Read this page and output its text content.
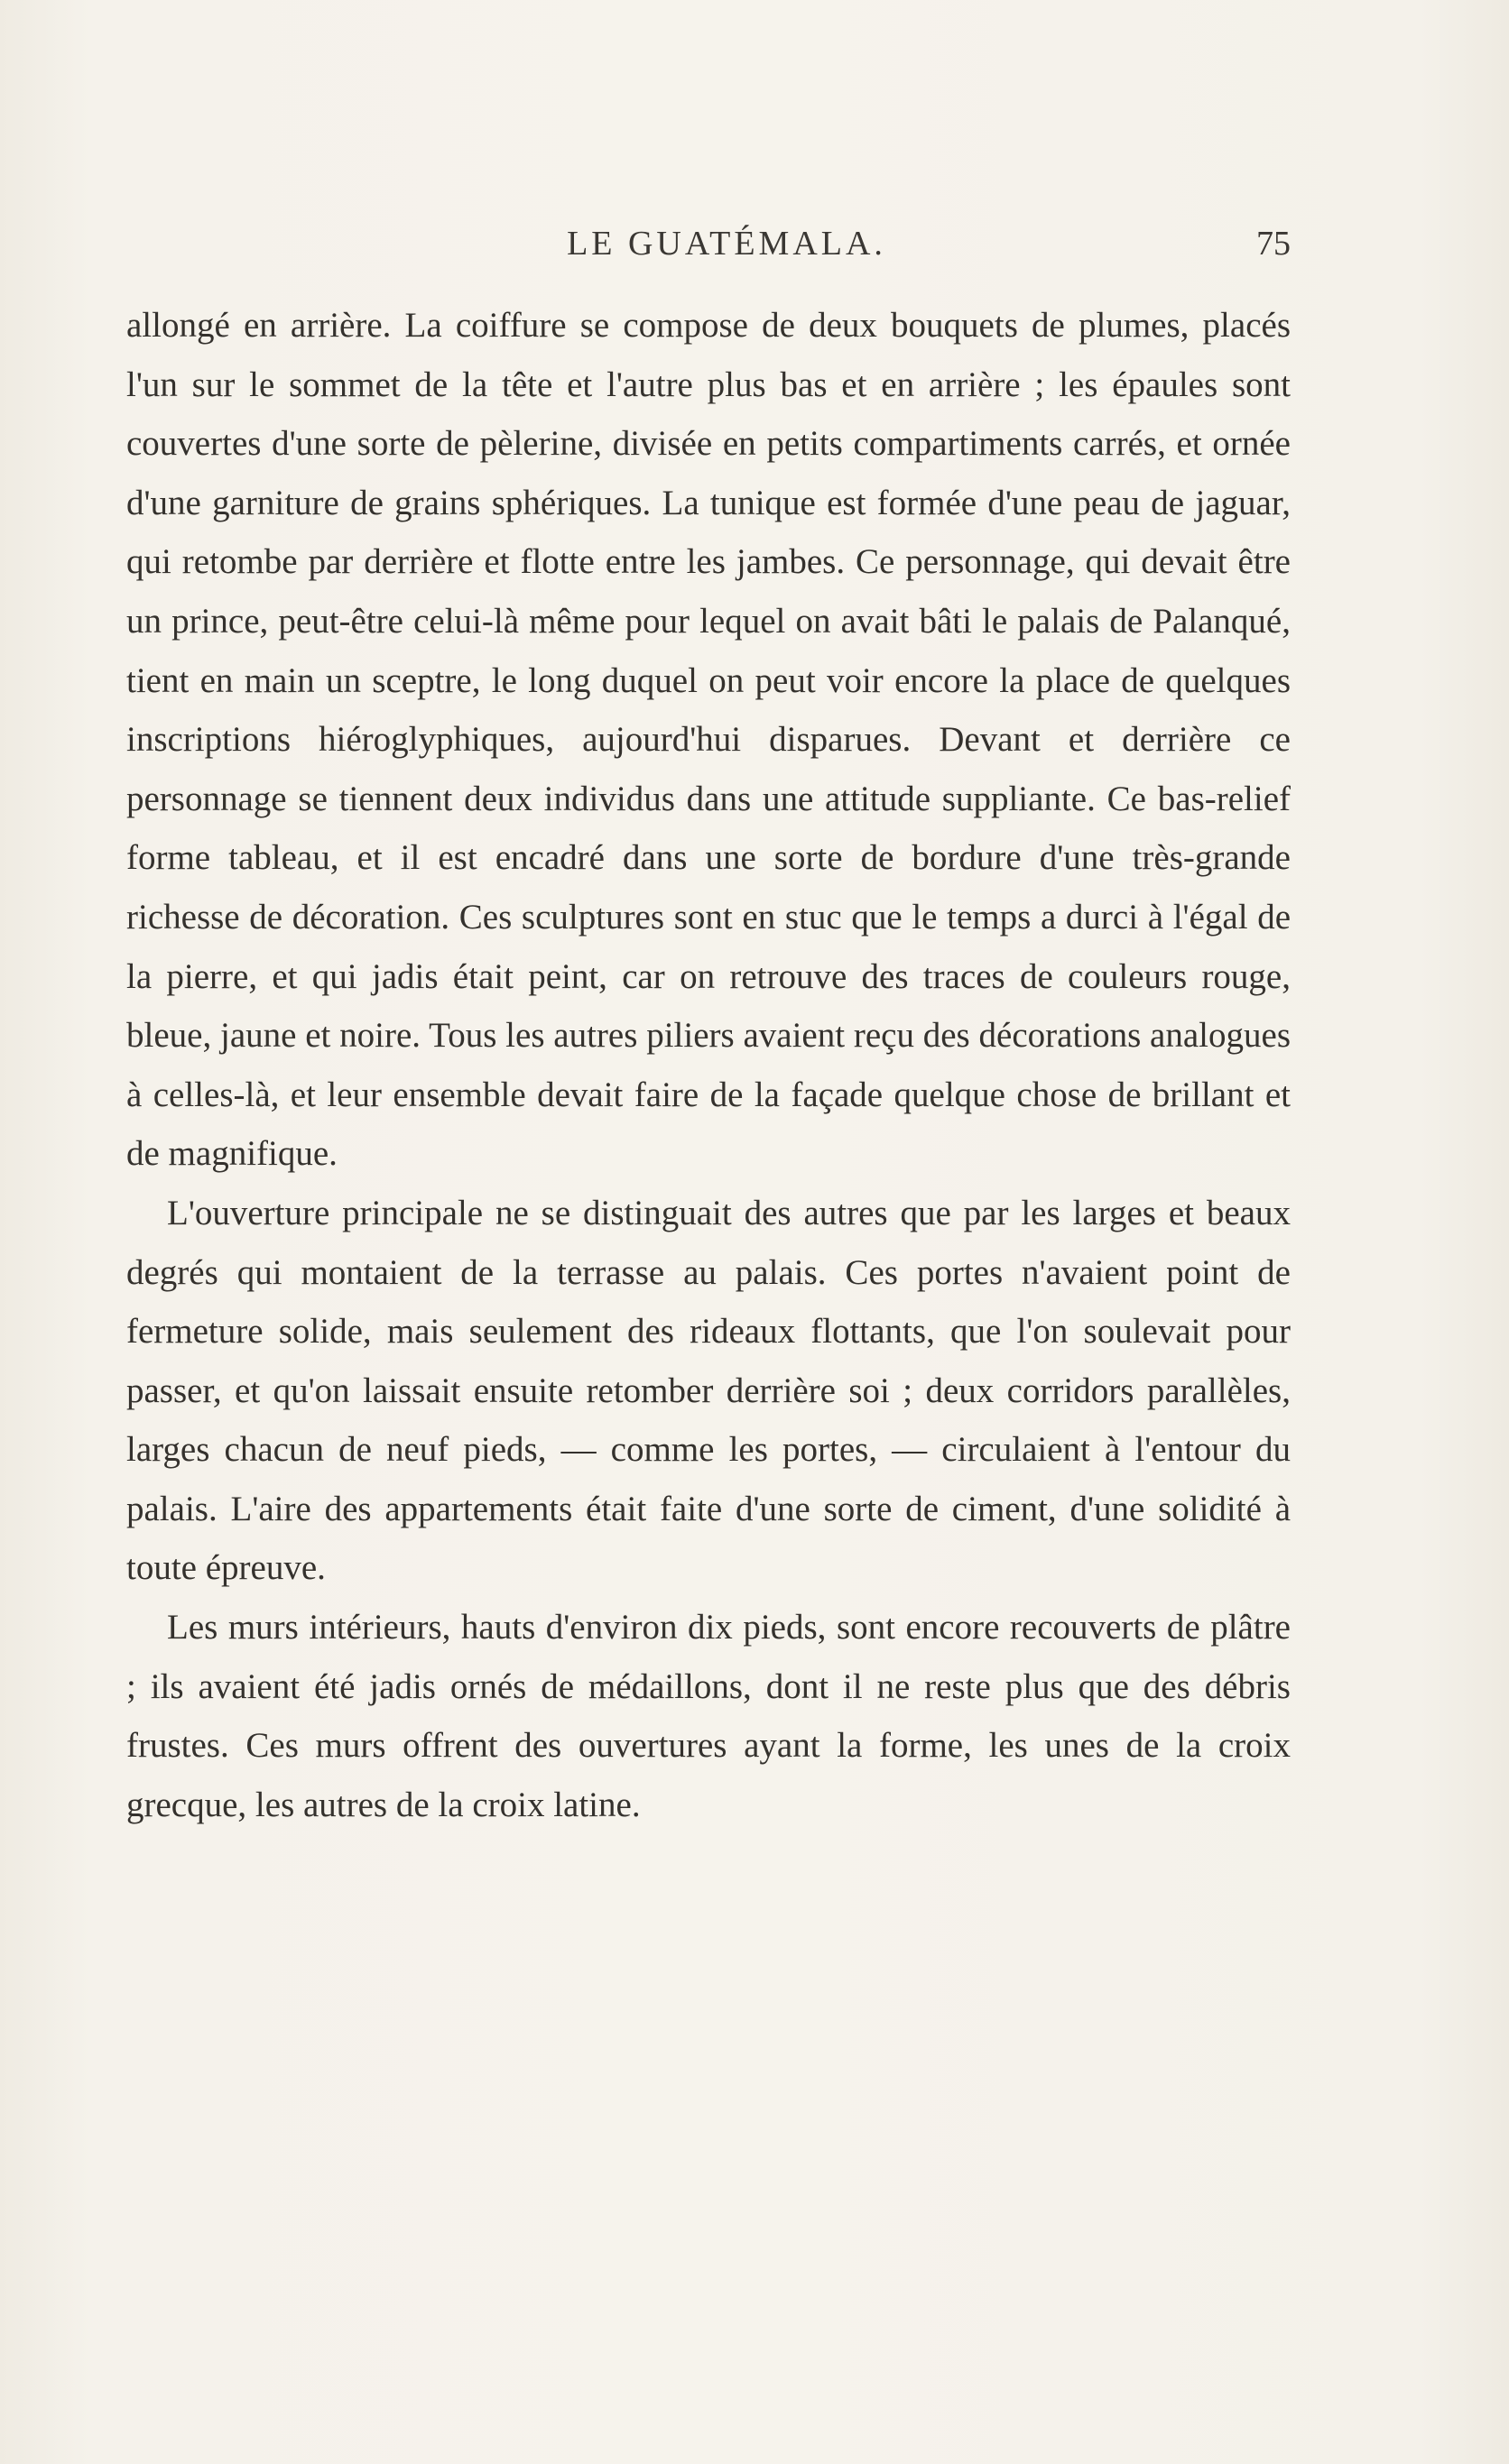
LE GUATÉMALA.	75

allongé en arrière. La coiffure se compose de deux bouquets de plumes, placés l'un sur le sommet de la tête et l'autre plus bas et en arrière ; les épaules sont couvertes d'une sorte de pèlerine, divisée en petits compartiments carrés, et ornée d'une garniture de grains sphériques. La tunique est formée d'une peau de jaguar, qui retombe par derrière et flotte entre les jambes. Ce personnage, qui devait être un prince, peut-être celui-là même pour lequel on avait bâti le palais de Palanqué, tient en main un sceptre, le long duquel on peut voir encore la place de quelques inscriptions hiéroglyphiques, aujourd'hui disparues. Devant et derrière ce personnage se tiennent deux individus dans une attitude suppliante. Ce bas-relief forme tableau, et il est encadré dans une sorte de bordure d'une très-grande richesse de décoration. Ces sculptures sont en stuc que le temps a durci à l'égal de la pierre, et qui jadis était peint, car on retrouve des traces de couleurs rouge, bleue, jaune et noire. Tous les autres piliers avaient reçu des décorations analogues à celles-là, et leur ensemble devait faire de la façade quelque chose de brillant et de magnifique.

L'ouverture principale ne se distinguait des autres que par les larges et beaux degrés qui montaient de la terrasse au palais. Ces portes n'avaient point de fermeture solide, mais seulement des rideaux flottants, que l'on soulevait pour passer, et qu'on laissait ensuite retomber derrière soi ; deux corridors parallèles, larges chacun de neuf pieds, — comme les portes, — circulaient à l'entour du palais. L'aire des appartements était faite d'une sorte de ciment, d'une solidité à toute épreuve.

Les murs intérieurs, hauts d'environ dix pieds, sont encore recouverts de plâtre ; ils avaient été jadis ornés de médaillons, dont il ne reste plus que des débris frustes. Ces murs offrent des ouvertures ayant la forme, les unes de la croix grecque, les autres de la croix latine.
